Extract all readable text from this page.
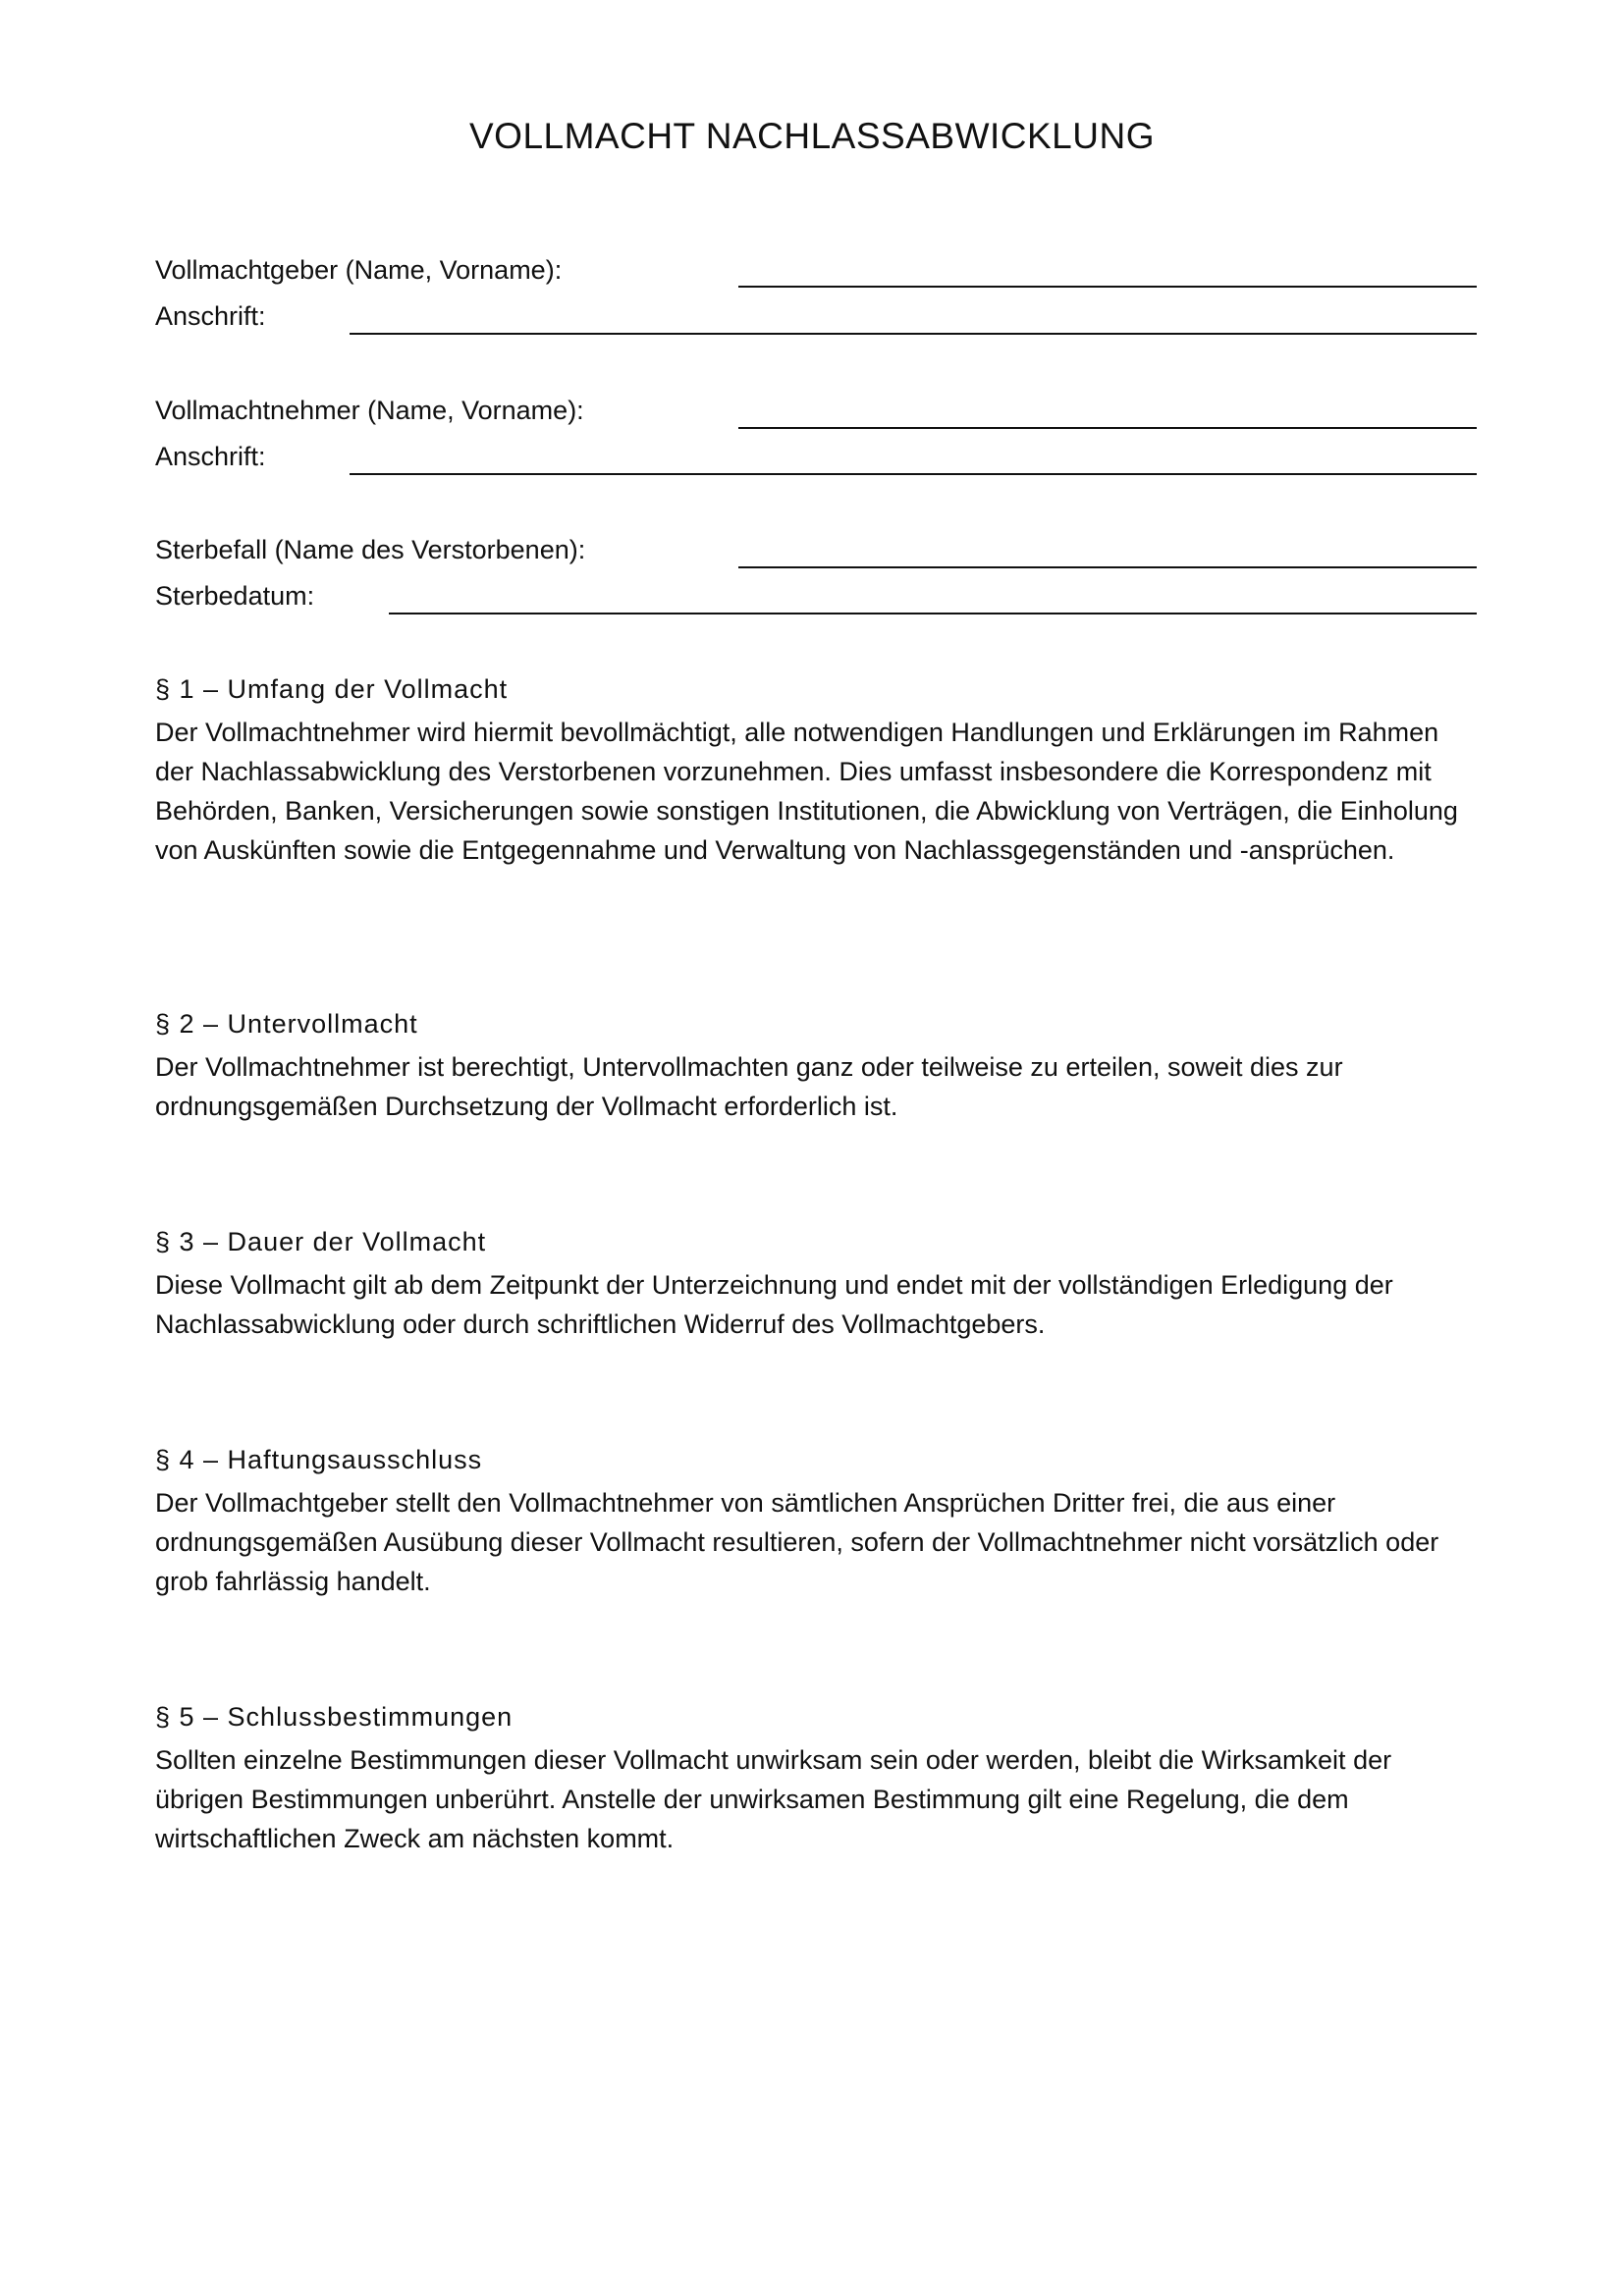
VOLLMACHT NACHLASSABWICKLUNG
Vollmachtgeber (Name, Vorname):
Anschrift:
Vollmachtnehmer (Name, Vorname):
Anschrift:
Sterbefall (Name des Verstorbenen):
Sterbedatum:
§ 1 – Umfang der Vollmacht

Der Vollmachtnehmer wird hiermit bevollmächtigt, alle notwendigen Handlungen und Erklärungen im Rahmen der Nachlassabwicklung des Verstorbenen vorzunehmen. Dies umfasst insbesondere die Korrespondenz mit Behörden, Banken, Versicherungen sowie sonstigen Institutionen, die Abwicklung von Verträgen, die Einholung von Auskünften sowie die Entgegennahme und Verwaltung von Nachlassgegenständen und -ansprüchen.

§ 2 – Untervollmacht

Der Vollmachtnehmer ist berechtigt, Untervollmachten ganz oder teilweise zu erteilen, soweit dies zur ordnungsgemäßen Durchsetzung der Vollmacht erforderlich ist.

§ 3 – Dauer der Vollmacht

Diese Vollmacht gilt ab dem Zeitpunkt der Unterzeichnung und endet mit der vollständigen Erledigung der Nachlassabwicklung oder durch schriftlichen Widerruf des Vollmachtgebers.

§ 4 – Haftungsausschluss

Der Vollmachtgeber stellt den Vollmachtnehmer von sämtlichen Ansprüchen Dritter frei, die aus einer ordnungsgemäßen Ausübung dieser Vollmacht resultieren, sofern der Vollmachtnehmer nicht vorsätzlich oder grob fahrlässig handelt.

§ 5 – Schlussbestimmungen

Sollten einzelne Bestimmungen dieser Vollmacht unwirksam sein oder werden, bleibt die Wirksamkeit der übrigen Bestimmungen unberührt. Anstelle der unwirksamen Bestimmung gilt eine Regelung, die dem wirtschaftlichen Zweck am nächsten kommt.
